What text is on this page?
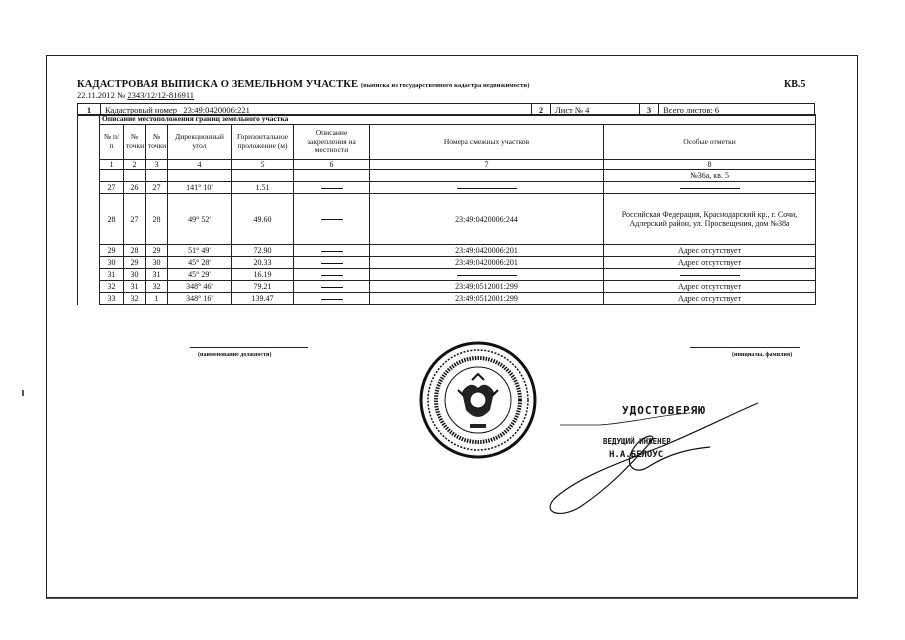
КАДАСТРОВАЯ ВЫПИСКА О ЗЕМЕЛЬНОМ УЧАСТКЕ (выписка из государственного кадастра недвижимости)	КВ.5
22.11.2012 № 2343/12/12-816911
1	Кадастровый номер 23:49:0420006:221	2	Лист № 4	3	Всего листов: 6
	Описание местоположения границ земельного участка							
	№ п/п	№ точки	№ точки	Дирекционный угол	Горизонтальное проложение (м)	Описание закрепления на местности	Номера смежных участков	Особые отметки
	1	2	3	4	5	6	7	8
								№36а, кв. 5
	27	26	27	141° 10'	1.51			
	28	27	28	49° 52'	49.60		23:49:0420006:244	Российская Федерация, Краснодарский кр., г. Сочи, Адлерский район, ул. Просвещения, дом №38а
	29	28	29	51° 49'	72.90		23:49:0420006:201	Адрес отсутствует
	30	29	30	45° 28'	20.33		23:49:0420006:201	Адрес отсутствует
	31	30	31	45° 29'	16.19			
	32	31	32	348° 46'	79.21		23:49:0512001:299	Адрес отсутствует
	33	32	1	348° 16'	139.47		23:49:0512001:299	Адрес отсутствует
(наименование должности)	(инициалы, фамилия)
УДОСТОВЕРЯЮ
ВЕДУЩИЙ ИНЖЕНЕР
Н.А.БЕЛОУС
